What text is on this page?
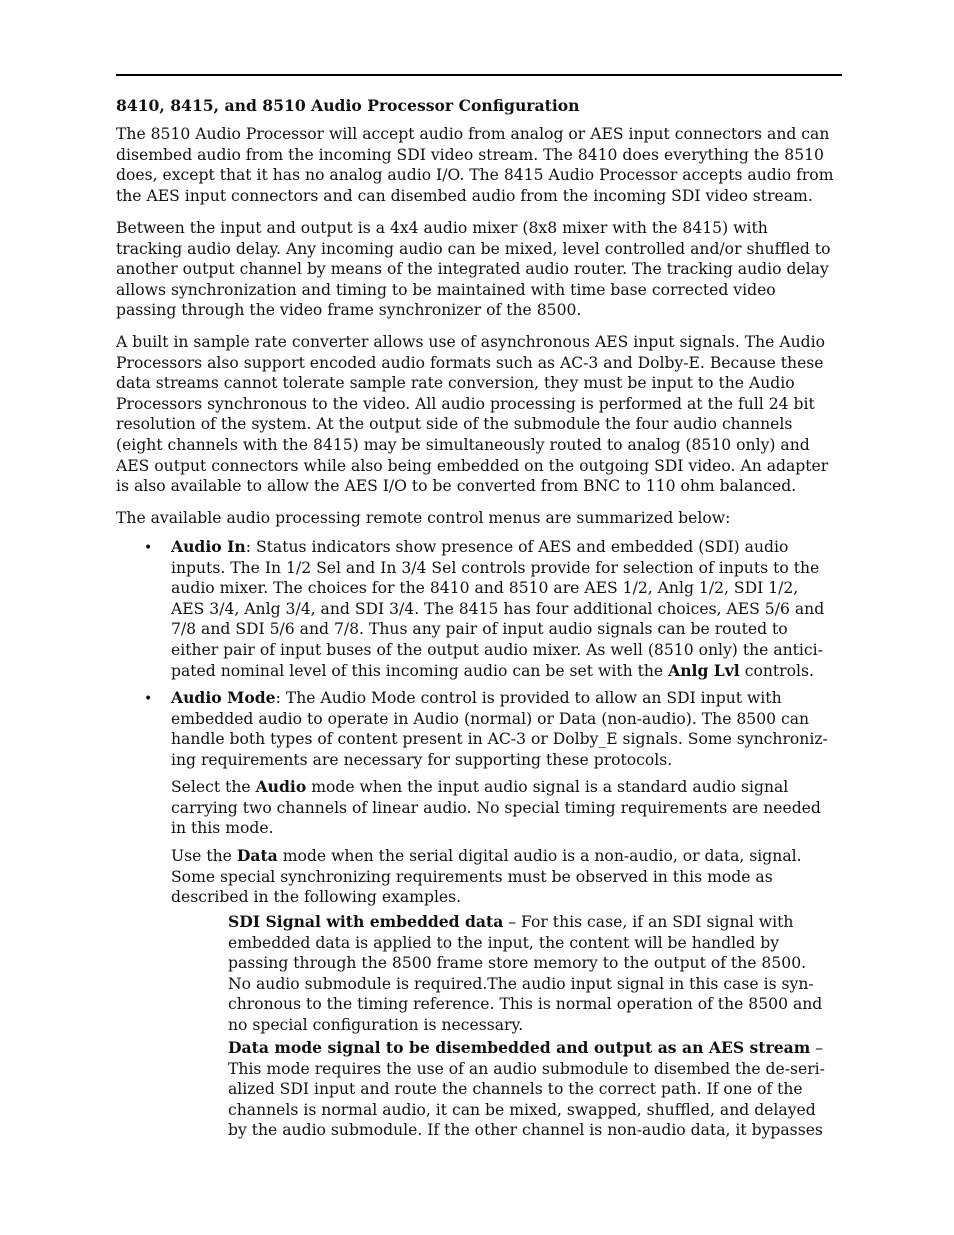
8410, 8415, and 8510 Audio Processor Configuration
The 8510 Audio Processor will accept audio from analog or AES input connectors and can
disembed audio from the incoming SDI video stream. The 8410 does everything the 8510
does, except that it has no analog audio I/O. The 8415 Audio Processor accepts audio from
the AES input connectors and can disembed audio from the incoming SDI video stream.
Between the input and output is a 4x4 audio mixer (8x8 mixer with the 8415) with
tracking audio delay. Any incoming audio can be mixed, level controlled and/or shuffled to
another output channel by means of the integrated audio router. The tracking audio delay
allows synchronization and timing to be maintained with time base corrected video
passing through the video frame synchronizer of the 8500.
A built in sample rate converter allows use of asynchronous AES input signals. The Audio
Processors also support encoded audio formats such as AC-3 and Dolby-E. Because these
data streams cannot tolerate sample rate conversion, they must be input to the Audio
Processors synchronous to the video. All audio processing is performed at the full 24 bit
resolution of the system. At the output side of the submodule the four audio channels
(eight channels with the 8415) may be simultaneously routed to analog (8510 only) and
AES output connectors while also being embedded on the outgoing SDI video. An adapter
is also available to allow the AES I/O to be converted from BNC to 110 ohm balanced.
The available audio processing remote control menus are summarized below:
• Audio In: Status indicators show presence of AES and embedded (SDI) audio
inputs. The In 1/2 Sel and In 3/4 Sel controls provide for selection of inputs to the
audio mixer. The choices for the 8410 and 8510 are AES 1/2, Anlg 1/2, SDI 1/2,
AES 3/4, Anlg 3/4, and SDI 3/4. The 8415 has four additional choices, AES 5/6 and
7/8 and SDI 5/6 and 7/8. Thus any pair of input audio signals can be routed to
either pair of input buses of the output audio mixer. As well (8510 only) the antici-
pated nominal level of this incoming audio can be set with the Anlg Lvl controls.
• Audio Mode: The Audio Mode control is provided to allow an SDI input with
embedded audio to operate in Audio (normal) or Data (non-audio). The 8500 can
handle both types of content present in AC-3 or Dolby_E signals. Some synchroniz-
ing requirements are necessary for supporting these protocols.
Select the Audio mode when the input audio signal is a standard audio signal
carrying two channels of linear audio. No special timing requirements are needed
in this mode.
Use the Data mode when the serial digital audio is a non-audio, or data, signal.
Some special synchronizing requirements must be observed in this mode as
described in the following examples.
SDI Signal with embedded data – For this case, if an SDI signal with
embedded data is applied to the input, the content will be handled by
passing through the 8500 frame store memory to the output of the 8500.
No audio submodule is required.The audio input signal in this case is syn-
chronous to the timing reference. This is normal operation of the 8500 and
no special configuration is necessary.
Data mode signal to be disembedded and output as an AES stream –
This mode requires the use of an audio submodule to disembed the de-seri-
alized SDI input and route the channels to the correct path. If one of the
channels is normal audio, it can be mixed, swapped, shuffled, and delayed
by the audio submodule. If the other channel is non-audio data, it bypasses
